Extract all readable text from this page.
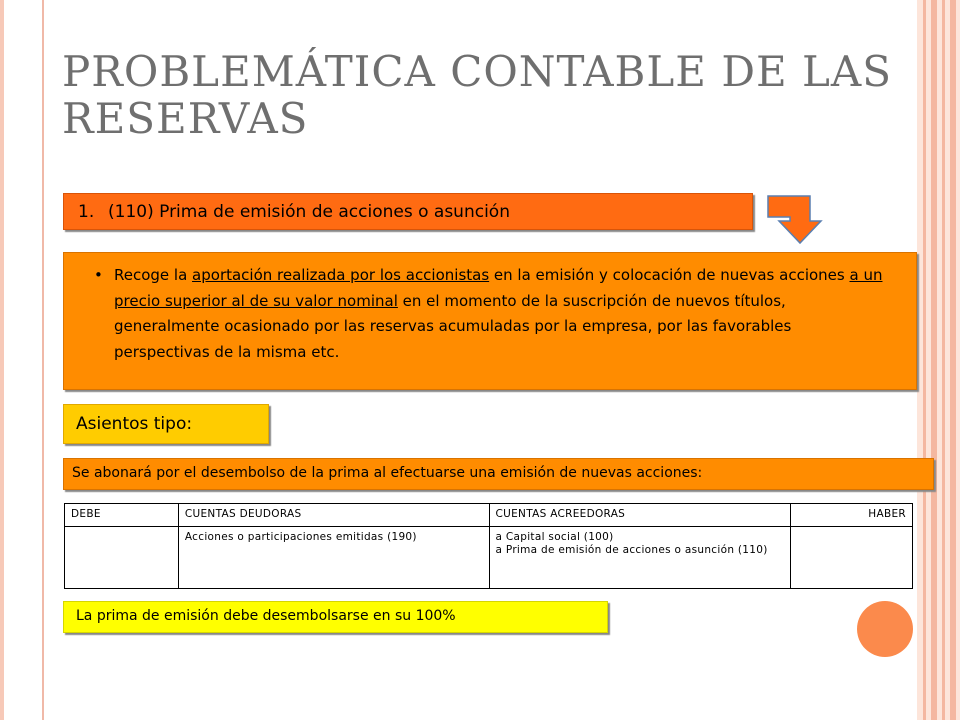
PROBLEMÁTICA CONTABLE DE LAS RESERVAS
1. (110) Prima de emisión de acciones o asunción
• Recoge la aportación realizada por los accionistas en la emisión y colocación de nuevas acciones a un precio superior al de su valor nominal en el momento de la suscripción de nuevos títulos, generalmente ocasionado por las reservas acumuladas por la empresa, por las favorables perspectivas de la misma etc.
Asientos tipo:
Se abonará por el desembolso de la prima al efectuarse una emisión de nuevas acciones:
DEBE	CUENTAS DEUDORAS	CUENTAS ACREEDORAS	HABER
	Acciones o participaciones emitidas (190)	a Capital social (100)
a Prima de emisión de acciones o asunción (110)	

La prima de emisión debe desembolsarse en su 100%
